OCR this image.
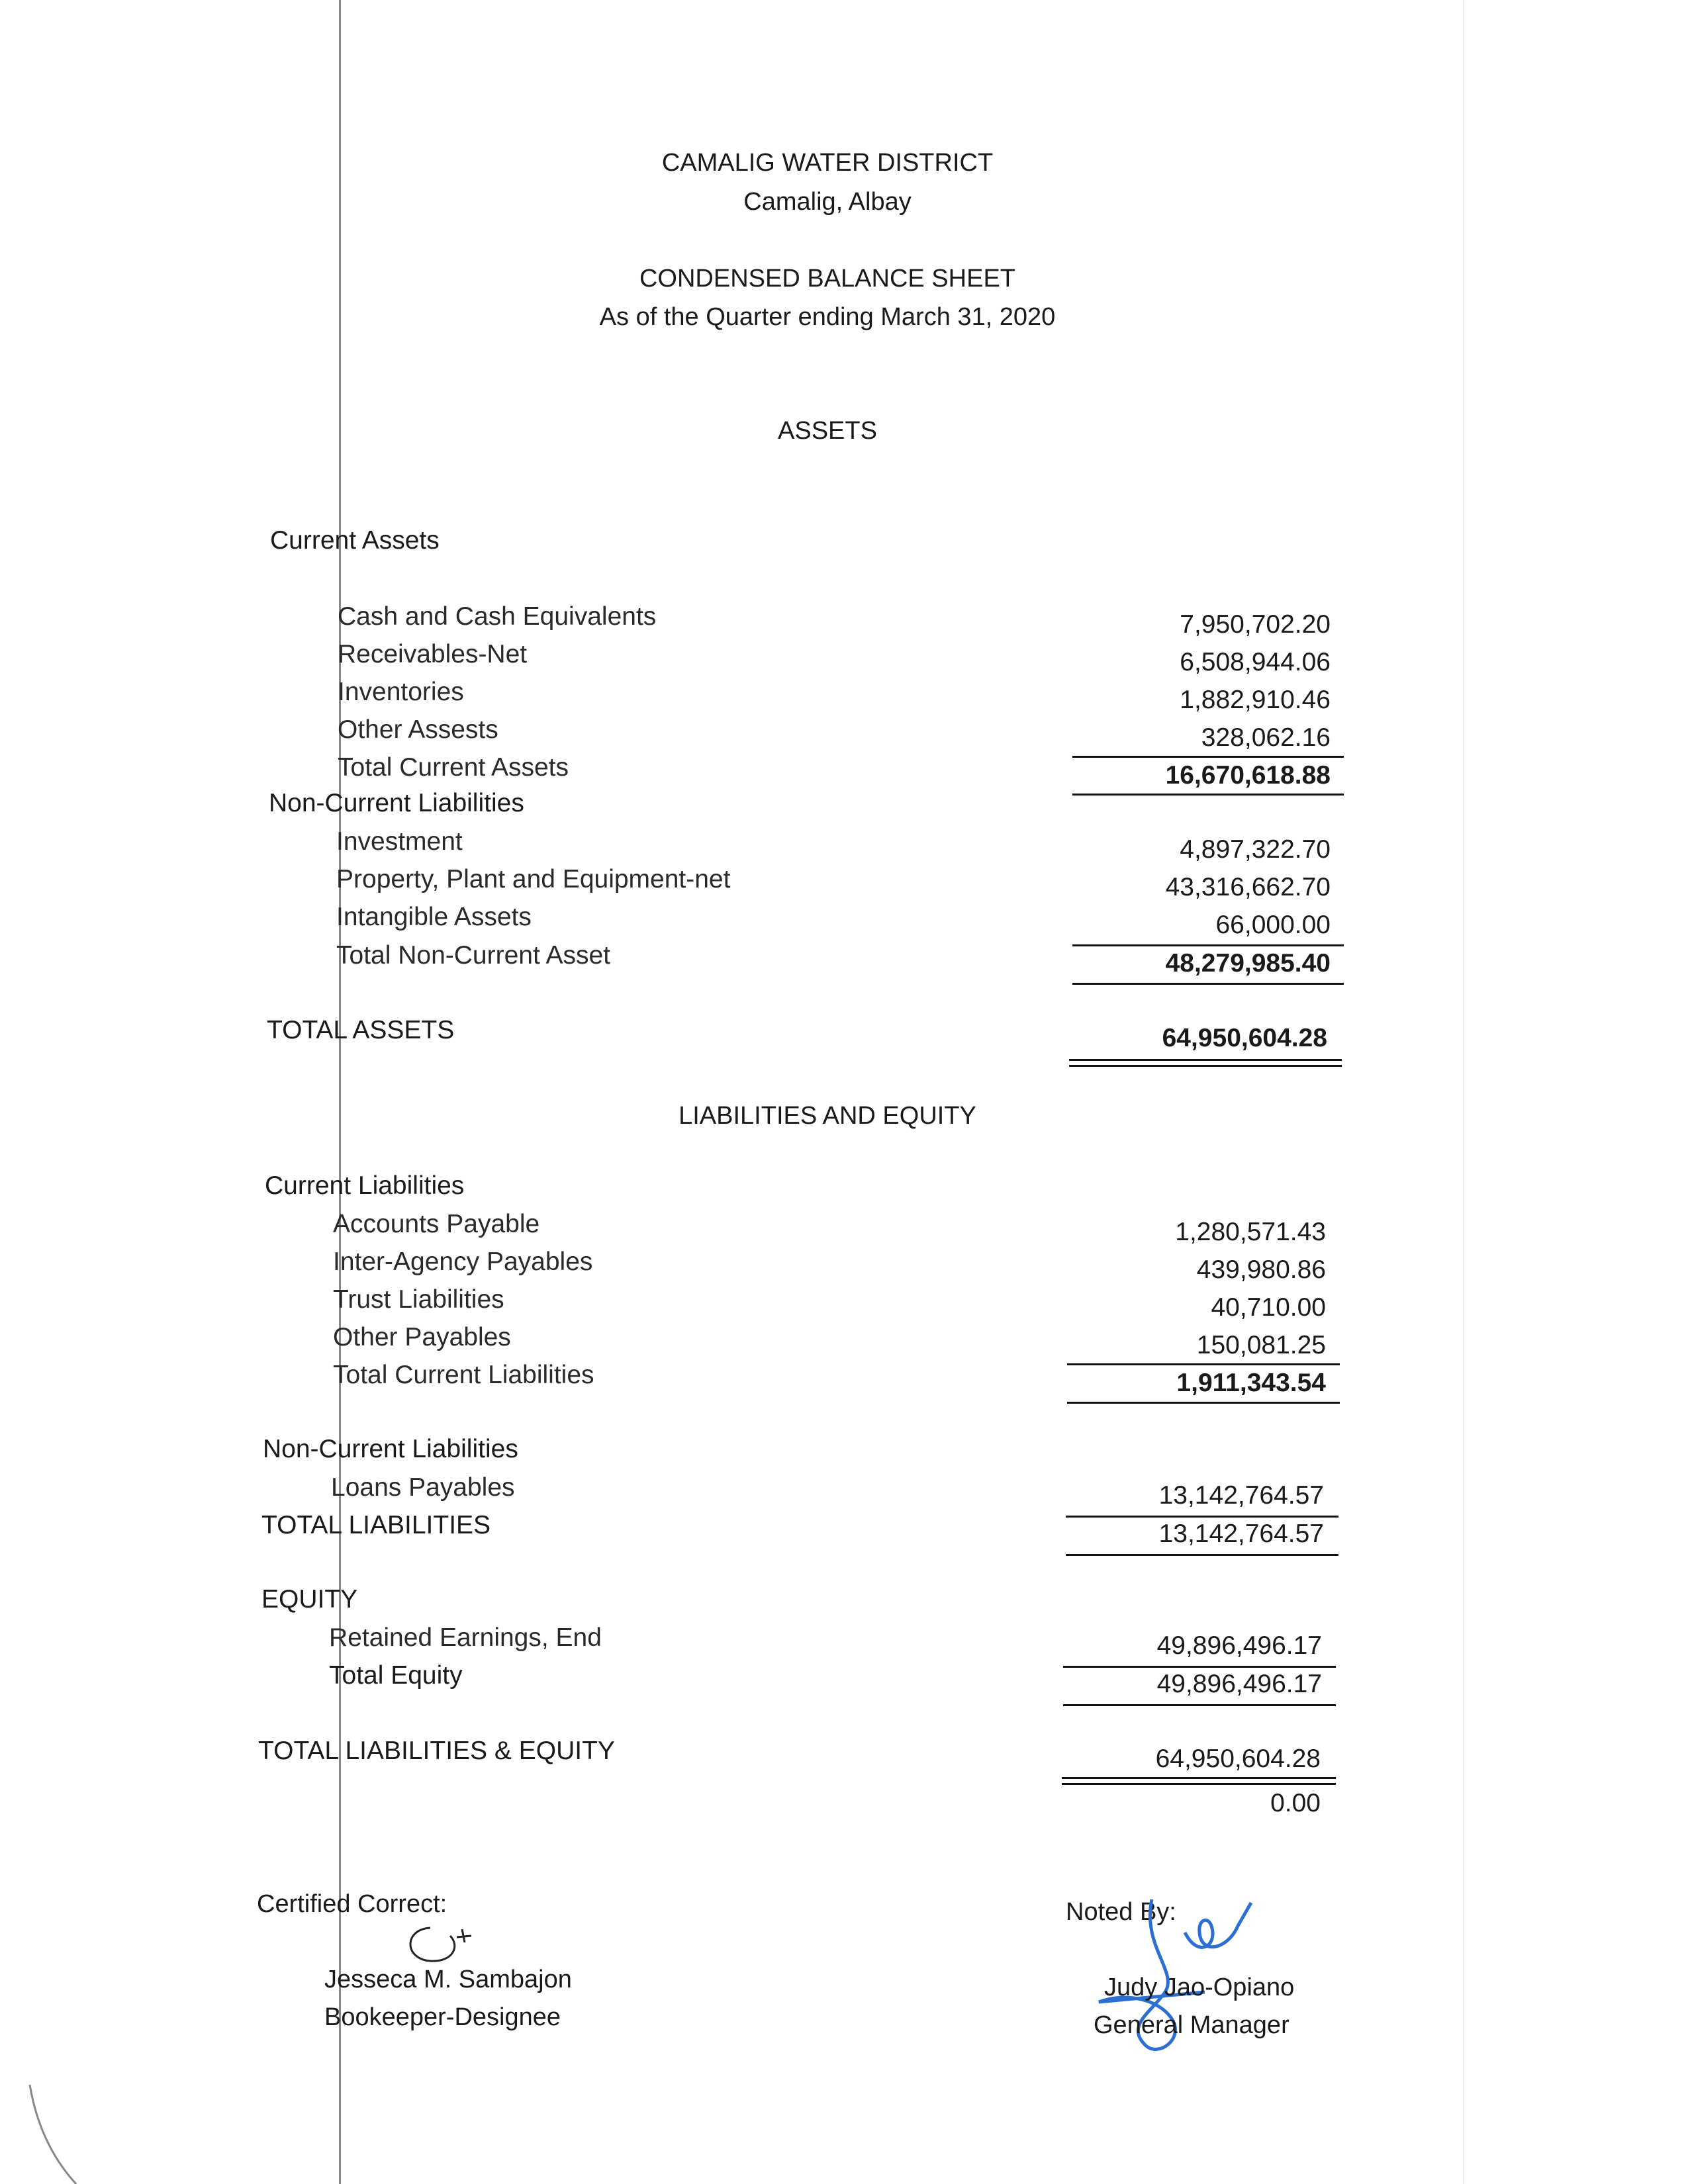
CAMALIG WATER DISTRICT
Camalig, Albay
CONDENSED BALANCE SHEET
As of the Quarter ending March 31, 2020
ASSETS
Current Assets
Cash and Cash Equivalents	7,950,702.20
Receivables-Net	6,508,944.06
Inventories	1,882,910.46
Other Assests	328,062.16
Total Current Assets	16,670,618.88
Non-Current Liabilities
Investment	4,897,322.70
Property, Plant and Equipment-net	43,316,662.70
Intangible Assets	66,000.00
Total Non-Current Asset	48,279,985.40
TOTAL ASSETS	64,950,604.28
LIABILITIES AND EQUITY
Current Liabilities
Accounts Payable	1,280,571.43
Inter-Agency Payables	439,980.86
Trust Liabilities	40,710.00
Other Payables	150,081.25
Total Current Liabilities	1,911,343.54
Non-Current Liabilities
Loans Payables	13,142,764.57
TOTAL LIABILITIES	13,142,764.57
EQUITY
Retained Earnings, End	49,896,496.17
Total Equity	49,896,496.17
TOTAL LIABILITIES & EQUITY	64,950,604.28
0.00
Certified Correct:
Jesseca M. Sambajon
Bookeeper-Designee
Noted By:
Judy Jao-Opiano
General Manager
